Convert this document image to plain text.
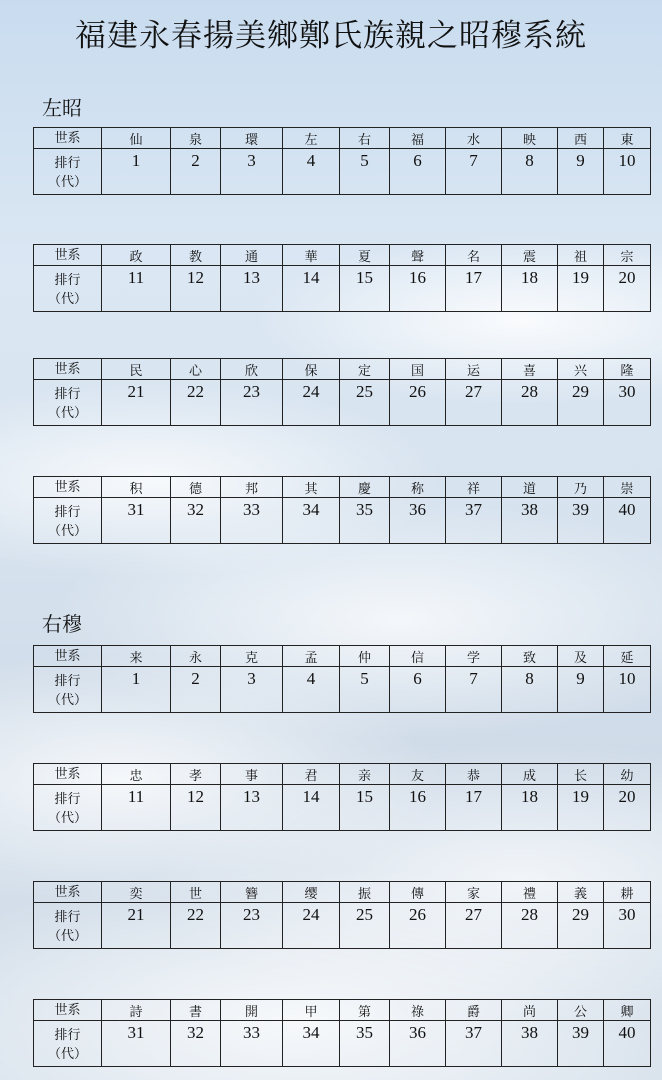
福建永春揚美鄉鄭氏族親之昭穆系統
左昭
右穆
世系	仙	泉	環	左	右	福	水	映	西	東

排行
（代）	1	2	3	4	5	6	7	8	9	10
世系	政	教	通	華	夏	聲	名	震	祖	宗

排行
（代）	11	12	13	14	15	16	17	18	19	20
世系	民	心	欣	保	定	国	运	喜	兴	隆

排行
（代）	21	22	23	24	25	26	27	28	29	30
世系	积	德	邦	其	慶	称	祥	道	乃	崇

排行
（代）	31	32	33	34	35	36	37	38	39	40
世系	来	永	克	孟	仲	信	学	致	及	延

排行
（代）	1	2	3	4	5	6	7	8	9	10
世系	忠	孝	事	君	亲	友	恭	成	长	幼

排行
（代）	11	12	13	14	15	16	17	18	19	20
世系	奕	世	簪	缨	振	傳	家	禮	義	耕

排行
（代）	21	22	23	24	25	26	27	28	29	30
世系	詩	書	開	甲	第	祿	爵	尚	公	卿

排行
（代）	31	32	33	34	35	36	37	38	39	40
